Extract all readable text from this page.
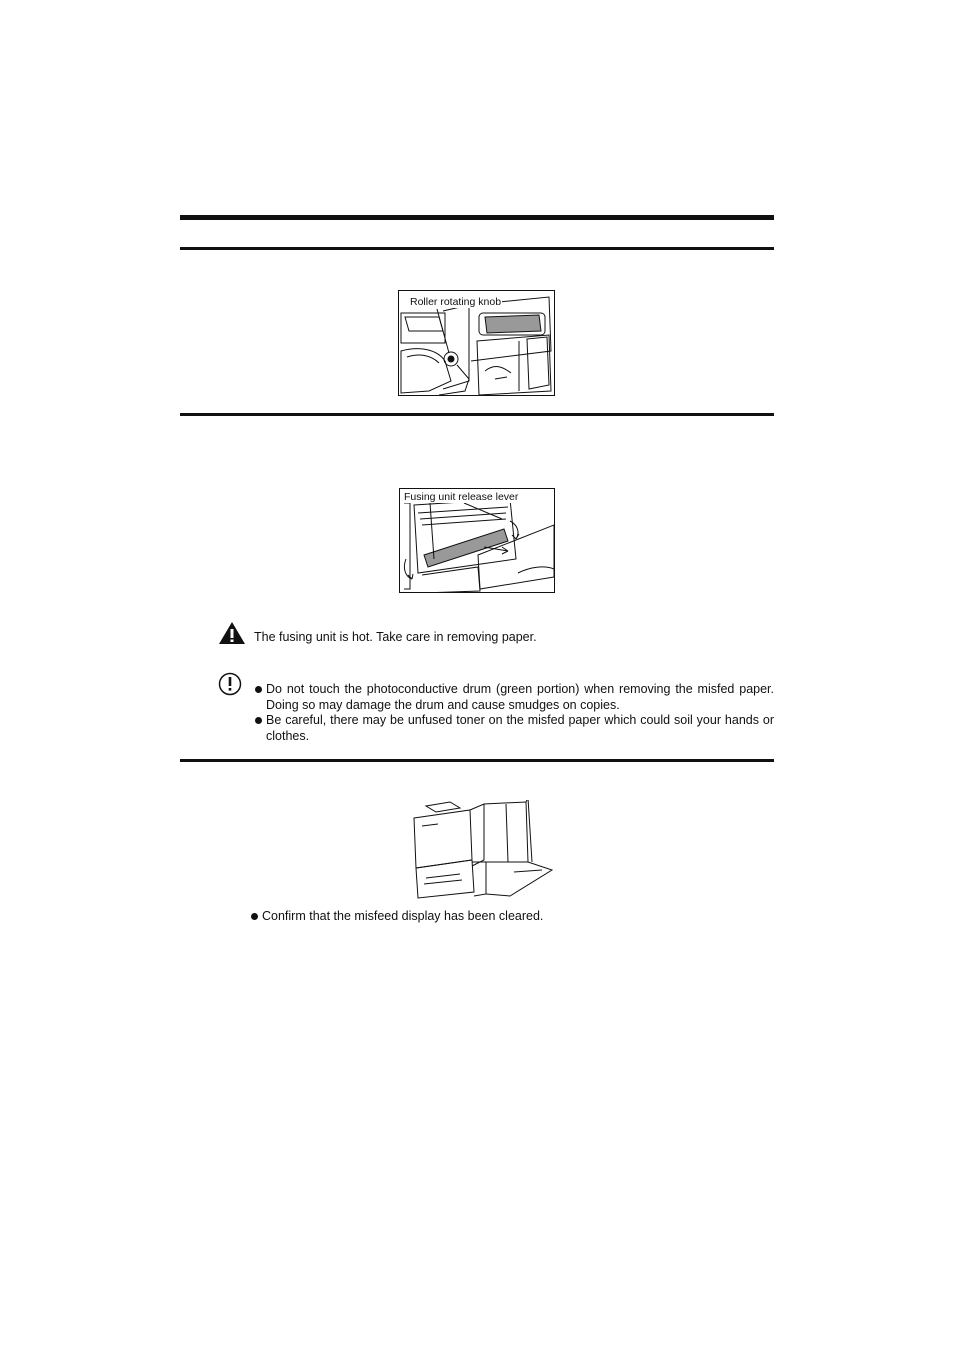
Roller rotating knob
Fusing unit release lever
The fusing unit is hot. Take care in removing paper.
Do not touch the photoconductive drum (green portion) when removing the misfed paper. Doing so may damage the drum and cause smudges on copies.
Be careful, there may be unfused toner on the misfed paper which could soil your hands or clothes.
Confirm that the misfeed display has been cleared.
